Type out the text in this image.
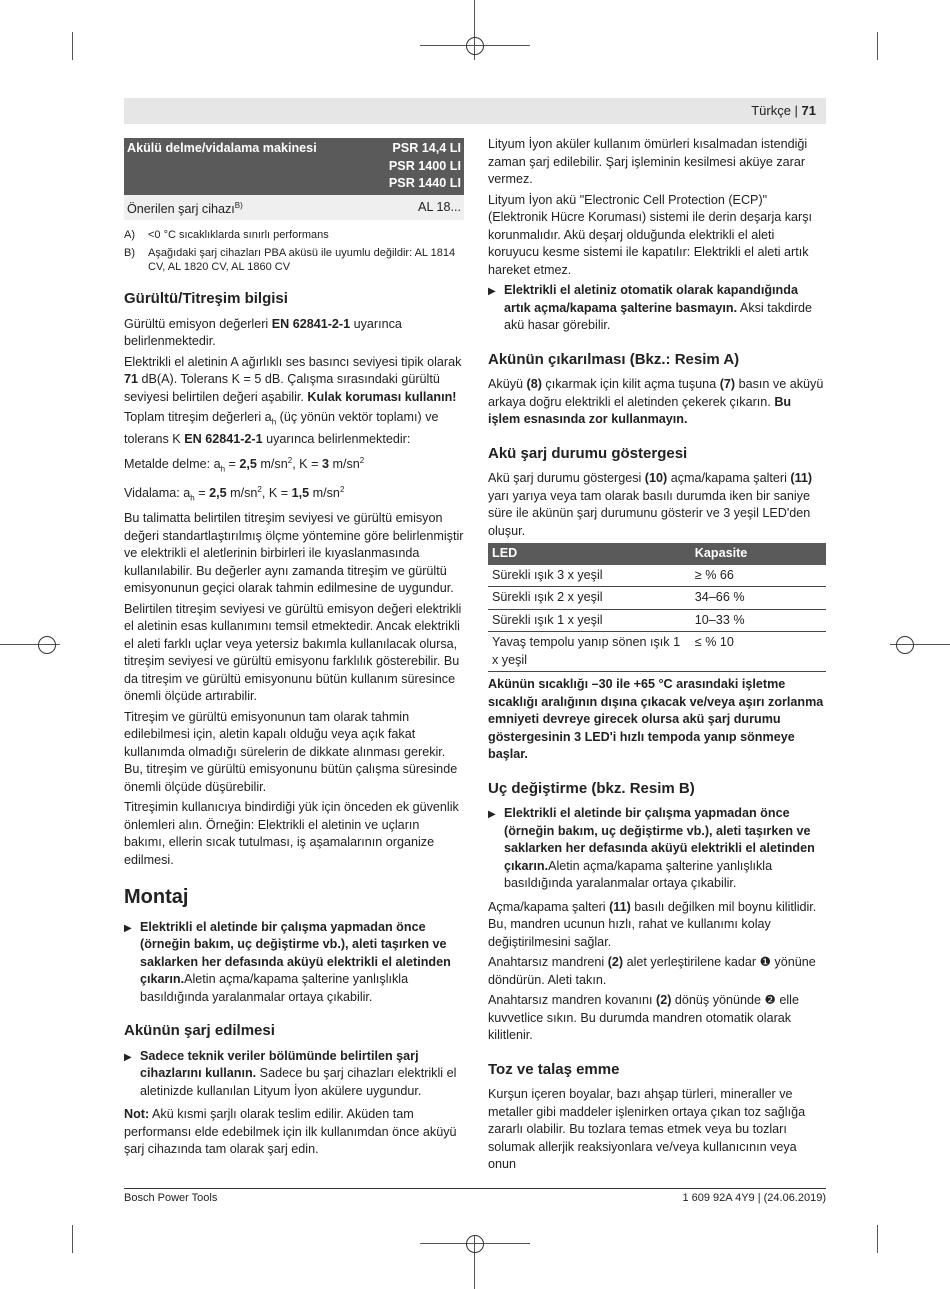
Türkçe | 71
Akülü delme/vidalama makinesi	PSR 14,4 LI
PSR 1400 LI
PSR 1440 LI

Önerilen şarj cihazı$^{B)}$	AL 18...
A)	<0 °C sıcaklıklarda sınırlı performans
B)	Aşağıdaki şarj cihazları PBA aküsü ile uyumlu değildir: AL 1814 CV, AL 1820 CV, AL 1860 CV
Gürültü/Titreşim bilgisi

Gürültü emisyon değerleri EN 62841-2-1 uyarınca belirlenmektedir.

Elektrikli el aletinin A ağırlıklı ses basıncı seviyesi tipik olarak 71 dB(A). Tolerans K = 5 dB. Çalışma sırasındaki gürültü seviyesi belirtilen değeri aşabilir. Kulak koruması kullanın!

Toplam titreşim değerleri $a_h$ (üç yönün vektör toplamı) ve tolerans K EN 62841-2-1 uyarınca belirlenmektedir:

Metalde delme: $a_h = 2,5$ $m/sn^2$, K = 3 $m/sn^2$

Vidalama: $a_h = 2,5$ $m/sn^2$, K = 1,5 $m/sn^2$

Bu talimatta belirtilen titreşim seviyesi ve gürültü emisyon değeri standartlaştırılmış ölçme yöntemine göre belirlenmiştir ve elektrikli el aletlerinin birbirleri ile kıyaslanmasında kullanılabilir. Bu değerler aynı zamanda titreşim ve gürültü emisyonunun geçici olarak tahmin edilmesine de uygundur.

Belirtilen titreşim seviyesi ve gürültü emisyon değeri elektrikli el aletinin esas kullanımını temsil etmektedir. Ancak elektrikli el aleti farklı uçlar veya yetersiz bakımla kullanılacak olursa, titreşim seviyesi ve gürültü emisyonu farklılık gösterebilir. Bu da titreşim ve gürültü emisyonunu bütün kullanım süresince önemli ölçüde artırabilir.

Titreşim ve gürültü emisyonunun tam olarak tahmin edilebilmesi için, aletin kapalı olduğu veya açık fakat kullanımda olmadığı sürelerin de dikkate alınması gerekir. Bu, titreşim ve gürültü emisyonunu bütün çalışma süresinde önemli ölçüde düşürebilir.

Titreşimin kullanıcıya bindirdiği yük için önceden ek güvenlik önlemleri alın. Örneğin: Elektrikli el aletinin ve uçların bakımı, ellerin sıcak tutulması, iş aşamalarının organize edilmesi.

Montaj
▶ Elektrikli el aletinde bir çalışma yapmadan önce (örneğin bakım, uç değiştirme vb.), aleti taşırken ve saklarken her defasında aküyü elektrikli el aletinden çıkarın.Aletin açma/kapama şalterine yanlışlıkla basıldığında yaralanmalar ortaya çıkabilir.
Akünün şarj edilmesi
▶ Sadece teknik veriler bölümünde belirtilen şarj cihazlarını kullanın. Sadece bu şarj cihazları elektrikli el aletinizde kullanılan Lityum İyon akülere uygundur.

Not: Akü kısmi şarjlı olarak teslim edilir. Aküden tam performansı elde edebilmek için ilk kullanımdan önce aküyü şarj cihazında tam olarak şarj edin.

Lityum İyon aküler kullanım ömürleri kısalmadan istendiği zaman şarj edilebilir. Şarj işleminin kesilmesi aküye zarar vermez.

Lityum İyon akü "Electronic Cell Protection (ECP)" (Elektronik Hücre Koruması) sistemi ile derin deşarja karşı korunmalıdır. Akü deşarj olduğunda elektrikli el aleti koruyucu kesme sistemi ile kapatılır: Elektrikli el aleti artık hareket etmez.

▶ Elektrikli el aletiniz otomatik olarak kapandığında artık açma/kapama şalterine basmayın. Aksi takdirde akü hasar görebilir.
Akünün çıkarılması (Bkz.: Resim A)

Aküyü (8) çıkarmak için kilit açma tuşuna (7) basın ve aküyü arkaya doğru elektrikli el aletinden çekerek çıkarın. Bu işlem esnasında zor kullanmayın.

Akü şarj durumu göstergesi

Akü şarj durumu göstergesi (10) açma/kapama şalteri (11) yarı yarıya veya tam olarak basılı durumda iken bir saniye süre ile akünün şarj durumunu gösterir ve 3 yeşil LED'den oluşur.

LED	Kapasite
Sürekli ışık 3 x yeşil	≥ % 66
Sürekli ışık 2 x yeşil	34–66 %
Sürekli ışık 1 x yeşil	10–33 %
Yavaş tempolu yanıp sönen ışık 1 x yeşil	≤ % 10

Akünün sıcaklığı –30 ile +65 °C arasındaki işletme sıcaklığı aralığının dışına çıkacak ve/veya aşırı zorlanma emniyeti devreye girecek olursa akü şarj durumu göstergesinin 3 LED'i hızlı tempoda yanıp sönmeye başlar.

Uç değiştirme (bkz. Resim B)
▶ Elektrikli el aletinde bir çalışma yapmadan önce (örneğin bakım, uç değiştirme vb.), aleti taşırken ve saklarken her defasında aküyü elektrikli el aletinden çıkarın.Aletin açma/kapama şalterine yanlışlıkla basıldığında yaralanmalar ortaya çıkabilir.

Açma/kapama şalteri (11) basılı değilken mil boynu kilitlidir. Bu, mandren ucunun hızlı, rahat ve kullanımı kolay değiştirilmesini sağlar.

Anahtarsız mandreni (2) alet yerleştirilene kadar ❶ yönüne döndürün. Aleti takın.

Anahtarsız mandren kovanını (2) dönüş yönünde ❷ elle kuvvetlice sıkın. Bu durumda mandren otomatik olarak kilitlenir.

Toz ve talaş emme

Kurşun içeren boyalar, bazı ahşap türleri, mineraller ve metaller gibi maddeler işlenirken ortaya çıkan toz sağlığa zararlı olabilir. Bu tozlara temas etmek veya bu tozları solumak allerjik reaksiyonlara ve/veya kullanıcının veya onun

Bosch Power Tools	1 609 92A 4Y9 | (24.06.2019)
